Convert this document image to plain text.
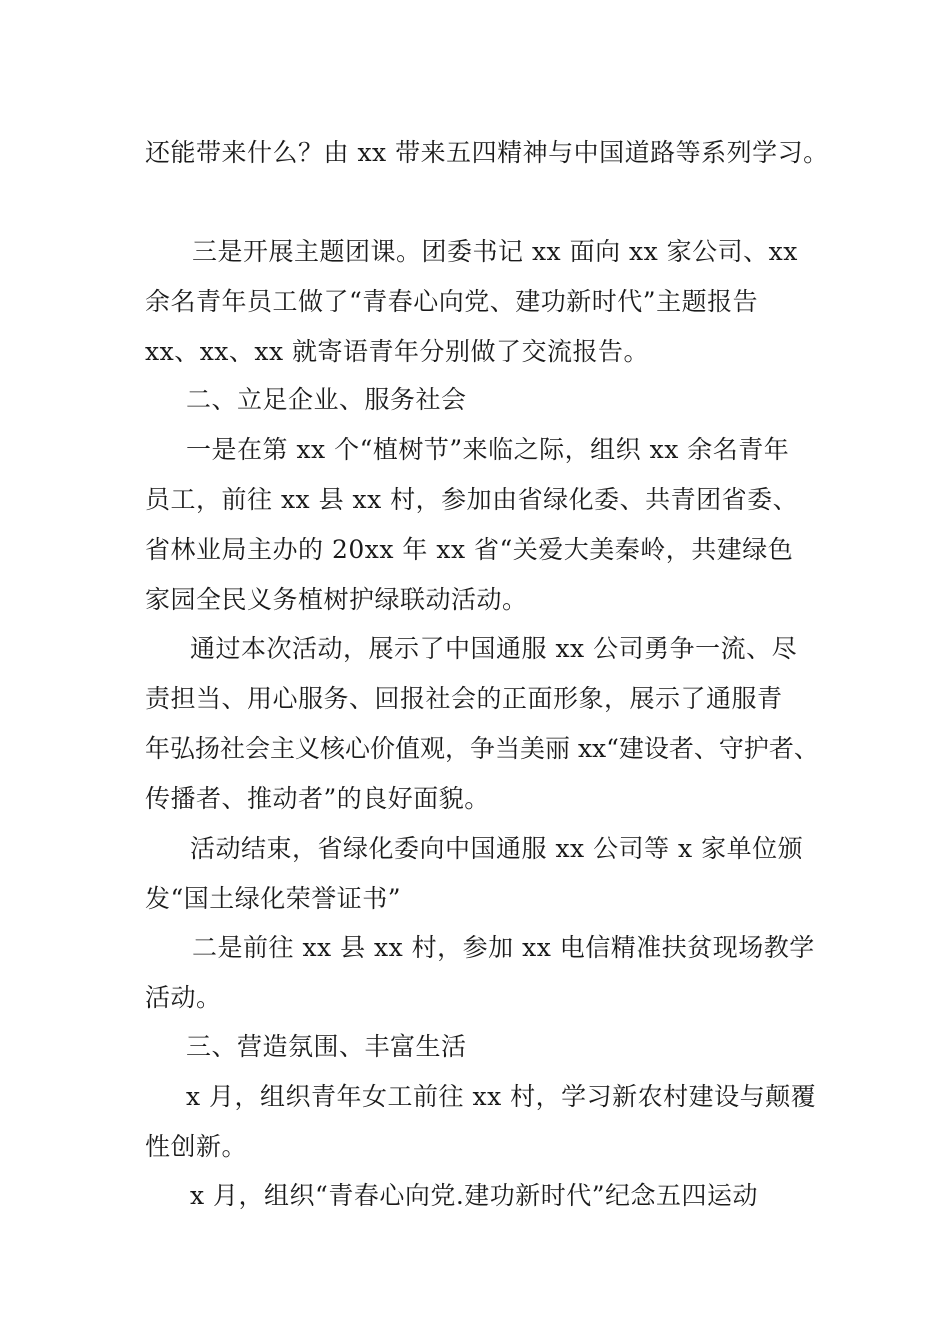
还能带来什么？由 xx 带来五四精神与中国道路等系列学习。
三是开展主题团课。团委书记 xx 面向 xx 家公司、xx
余名青年员工做了“青春心向党、建功新时代”主题报告
xx、xx、xx 就寄语青年分别做了交流报告。
二、立足企业、服务社会
一是在第 xx 个“植树节”来临之际，组织 xx 余名青年
员工，前往 xx 县 xx 村，参加由省绿化委、共青团省委、
省林业局主办的 20xx 年 xx 省“关爱大美秦岭，共建绿色
家园全民义务植树护绿联动活动。
通过本次活动，展示了中国通服 xx 公司勇争一流、尽
责担当、用心服务、回报社会的正面形象，展示了通服青
年弘扬社会主义核心价值观，争当美丽 xx“建设者、守护者、
传播者、推动者”的良好面貌。
活动结束，省绿化委向中国通服 xx 公司等 x 家单位颁
发“国土绿化荣誉证书”
二是前往 xx 县 xx 村，参加 xx 电信精准扶贫现场教学
活动。
三、营造氛围、丰富生活
x 月，组织青年女工前往 xx 村，学习新农村建设与颠覆
性创新。
x 月，组织“青春心向党.建功新时代”纪念五四运动
